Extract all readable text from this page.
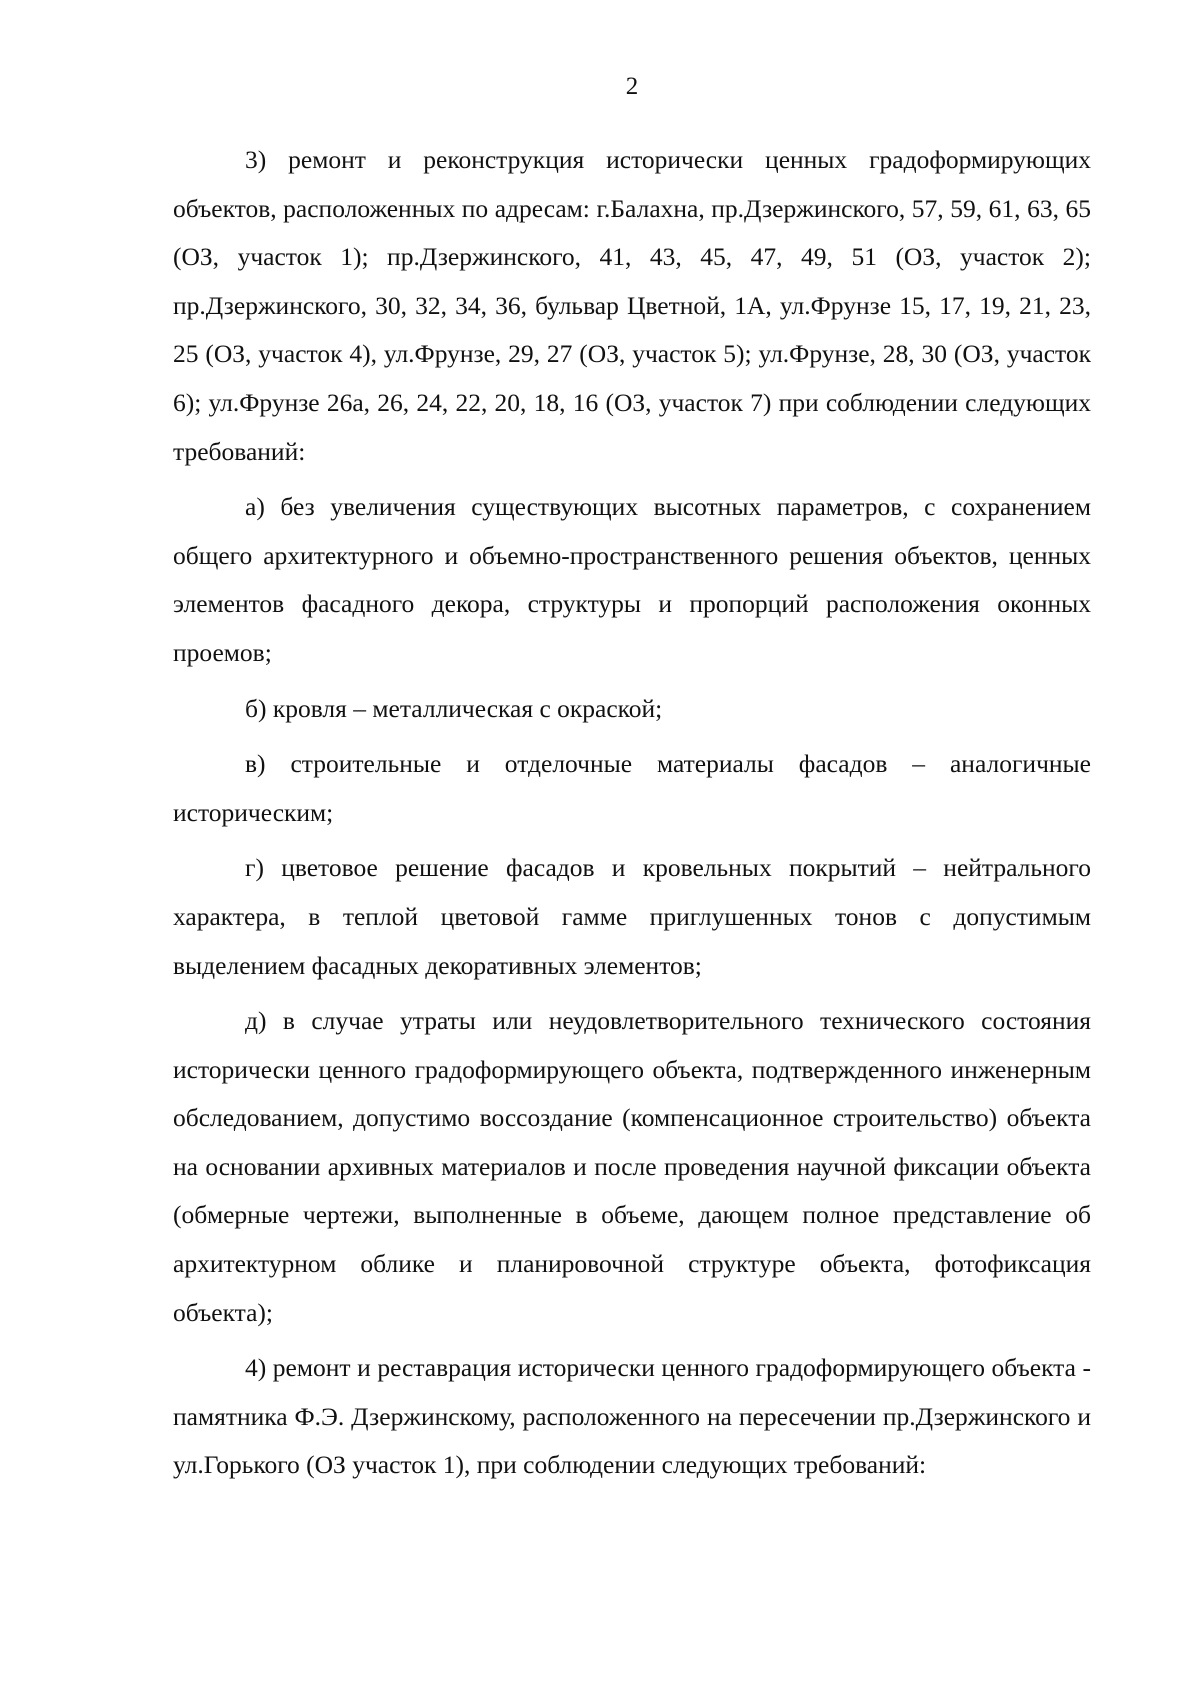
2

3) ремонт и реконструкция исторически ценных градоформирующих объектов, расположенных по адресам: г.Балахна, пр.Дзержинского, 57, 59, 61, 63, 65 (ОЗ, участок 1); пр.Дзержинского, 41, 43, 45, 47, 49, 51 (ОЗ, участок 2); пр.Дзержинского, 30, 32, 34, 36, бульвар Цветной, 1А, ул.Фрунзе 15, 17, 19, 21, 23, 25 (ОЗ, участок 4), ул.Фрунзе, 29, 27 (ОЗ, участок 5); ул.Фрунзе, 28, 30 (ОЗ, участок 6); ул.Фрунзе 26а, 26, 24, 22, 20, 18, 16 (ОЗ, участок 7) при соблюдении следующих требований:

а) без увеличения существующих высотных параметров, с сохранением общего архитектурного и объемно-пространственного решения объектов, ценных элементов фасадного декора, структуры и пропорций расположения оконных проемов;

б) кровля – металлическая с окраской;

в) строительные и отделочные материалы фасадов – аналогичные историческим;

г) цветовое решение фасадов и кровельных покрытий – нейтрального характера, в теплой цветовой гамме приглушенных тонов с допустимым выделением фасадных декоративных элементов;

д) в случае утраты или неудовлетворительного технического состояния исторически ценного градоформирующего объекта, подтвержденного инженерным обследованием, допустимо воссоздание (компенсационное строительство) объекта на основании архивных материалов и после проведения научной фиксации объекта (обмерные чертежи, выполненные в объеме, дающем полное представление об архитектурном облике и планировочной структуре объекта, фотофиксация объекта);

4) ремонт и реставрация исторически ценного градоформирующего объекта - памятника Ф.Э. Дзержинскому, расположенного на пересечении пр.Дзержинского и ул.Горького (ОЗ участок 1), при соблюдении следующих требований:
